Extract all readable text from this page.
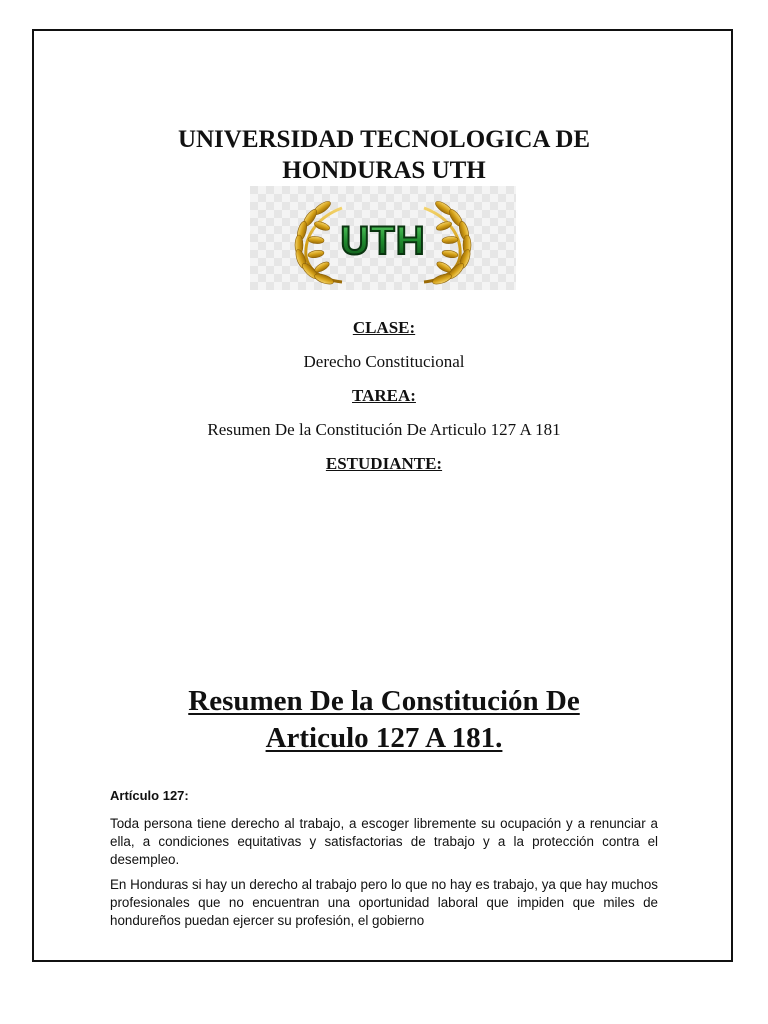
UNIVERSIDAD TECNOLOGICA DE
HONDURAS UTH
UTH
CLASE:
Derecho Constitucional
TAREA:
Resumen De la Constitución De Articulo 127 A 181
ESTUDIANTE:
Resumen De la Constitución De
Articulo 127 A 181.
Artículo 127:

Toda persona tiene derecho al trabajo, a escoger libremente su ocupación y a renunciar a ella, a condiciones equitativas y satisfactorias de trabajo y a la protección contra el desempleo.

En Honduras si hay un derecho al trabajo pero lo que no hay es trabajo, ya que hay muchos profesionales que no encuentran una oportunidad laboral que impiden que miles de hondureños puedan ejercer su profesión, el gobierno
